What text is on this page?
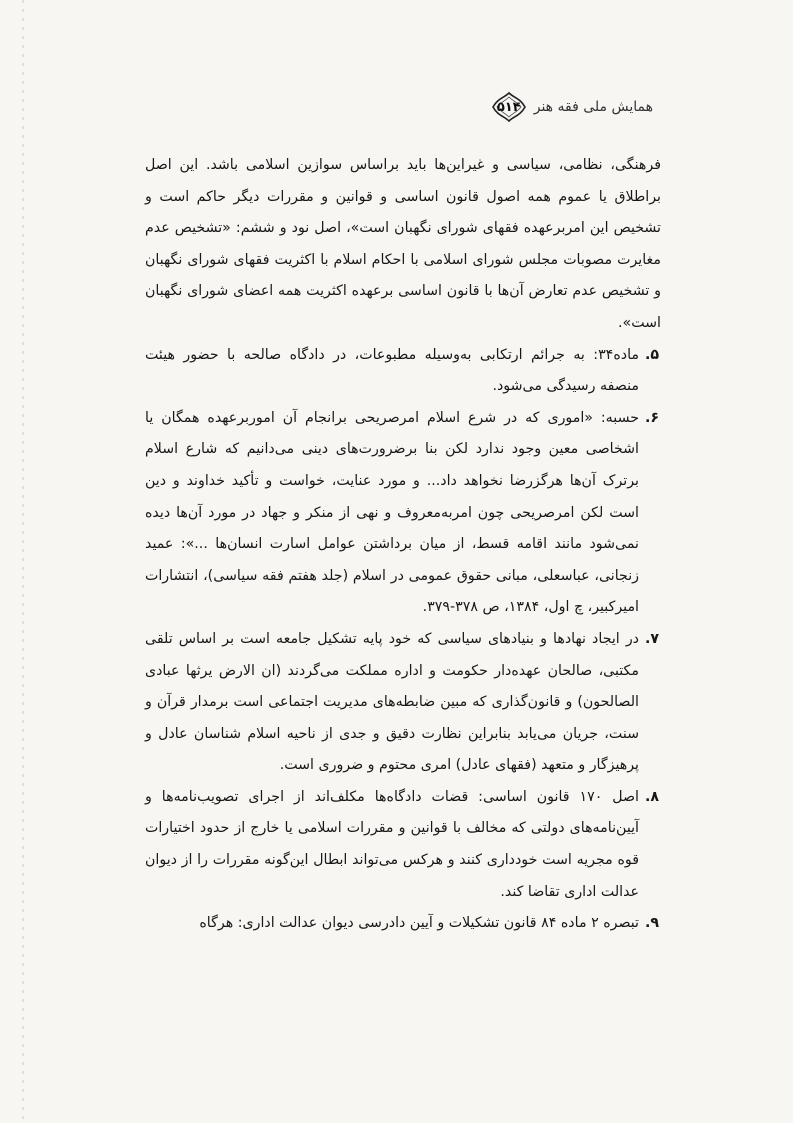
۵۱۴ همایش ملی فقه هنر

فرهنگی، نظامی، سیاسی و غیراین‌ها باید براساس سوازین اسلامی باشد. این اصل براطلاق یا عموم همه اصول قانون اساسی و قوانین و مقررات دیگر حاکم است و تشخیص این امربرعهده فقهای شورای نگهبان است»، اصل نود و ششم: «تشخیص عدم مغایرت مصوبات مجلس شورای اسلامی با احکام اسلام با اکثریت فقهای شورای نگهبان و تشخیص عدم تعارض آن‌ها با قانون اساسی برعهده اکثریت همه اعضای شورای نگهبان است».

۵.
ماده۳۴: به جرائم ارتکابی به‌وسیله مطبوعات، در دادگاه صالحه با حضور هیئت منصفه رسیدگی می‌شود.
۶.
حسبه: «اموری که در شرع اسلام امرصریحی برانجام آن اموربرعهده همگان یا اشخاصی معین وجود ندارد لکن بنا برضرورت‌های دینی می‌دانیم که شارع اسلام برترک آن‌ها هرگزرضا نخواهد داد... و مورد عنایت، خواست و تأکید خداوند و دین است لکن امرصریحی چون امربه‌معروف و نهی از منکر و جهاد در مورد آن‌ها دیده نمی‌شود مانند اقامه قسط، از میان برداشتن عوامل اسارت انسان‌ها ...»: عمید زنجانی، عباسعلی، مبانی حقوق عمومی در اسلام (جلد هفتم فقه سیاسی)، انتشارات امیرکبیر، چ اول، ۱۳۸۴، ص ۳۷۸-۳۷۹.
۷.
در ایجاد نهادها و بنیادهای سیاسی که خود پایه تشکیل جامعه است بر اساس تلقی مکتبی، صالحان عهده‌دار حکومت و اداره مملکت می‌گردند (ان الارض یرثها عبادی الصالحون) و قانون‌گذاری که مبین ضابطه‌های مدیریت اجتماعی است برمدار قرآن و سنت، جریان می‌یابد بنابراین نظارت دقیق و جدی از ناحیه اسلام شناسان عادل و پرهیزگار و متعهد (فقهای عادل) امری محتوم و ضروری است.
۸.
اصل ۱۷۰ قانون اساسی: قضات دادگاه‌ها مکلف‌اند از اجرای تصویب‌نامه‌ها و آیین‌نامه‌های دولتی که مخالف با قوانین و مقررات اسلامی یا خارج از حدود اختیارات قوه مجریه است خودداری کنند و هرکس می‌تواند ابطال این‌گونه مقررات را از دیوان عدالت اداری تقاضا کند.
۹.
تبصره ۲ ماده ۸۴ قانون تشکیلات و آیین دادرسی دیوان عدالت اداری: هرگاه
